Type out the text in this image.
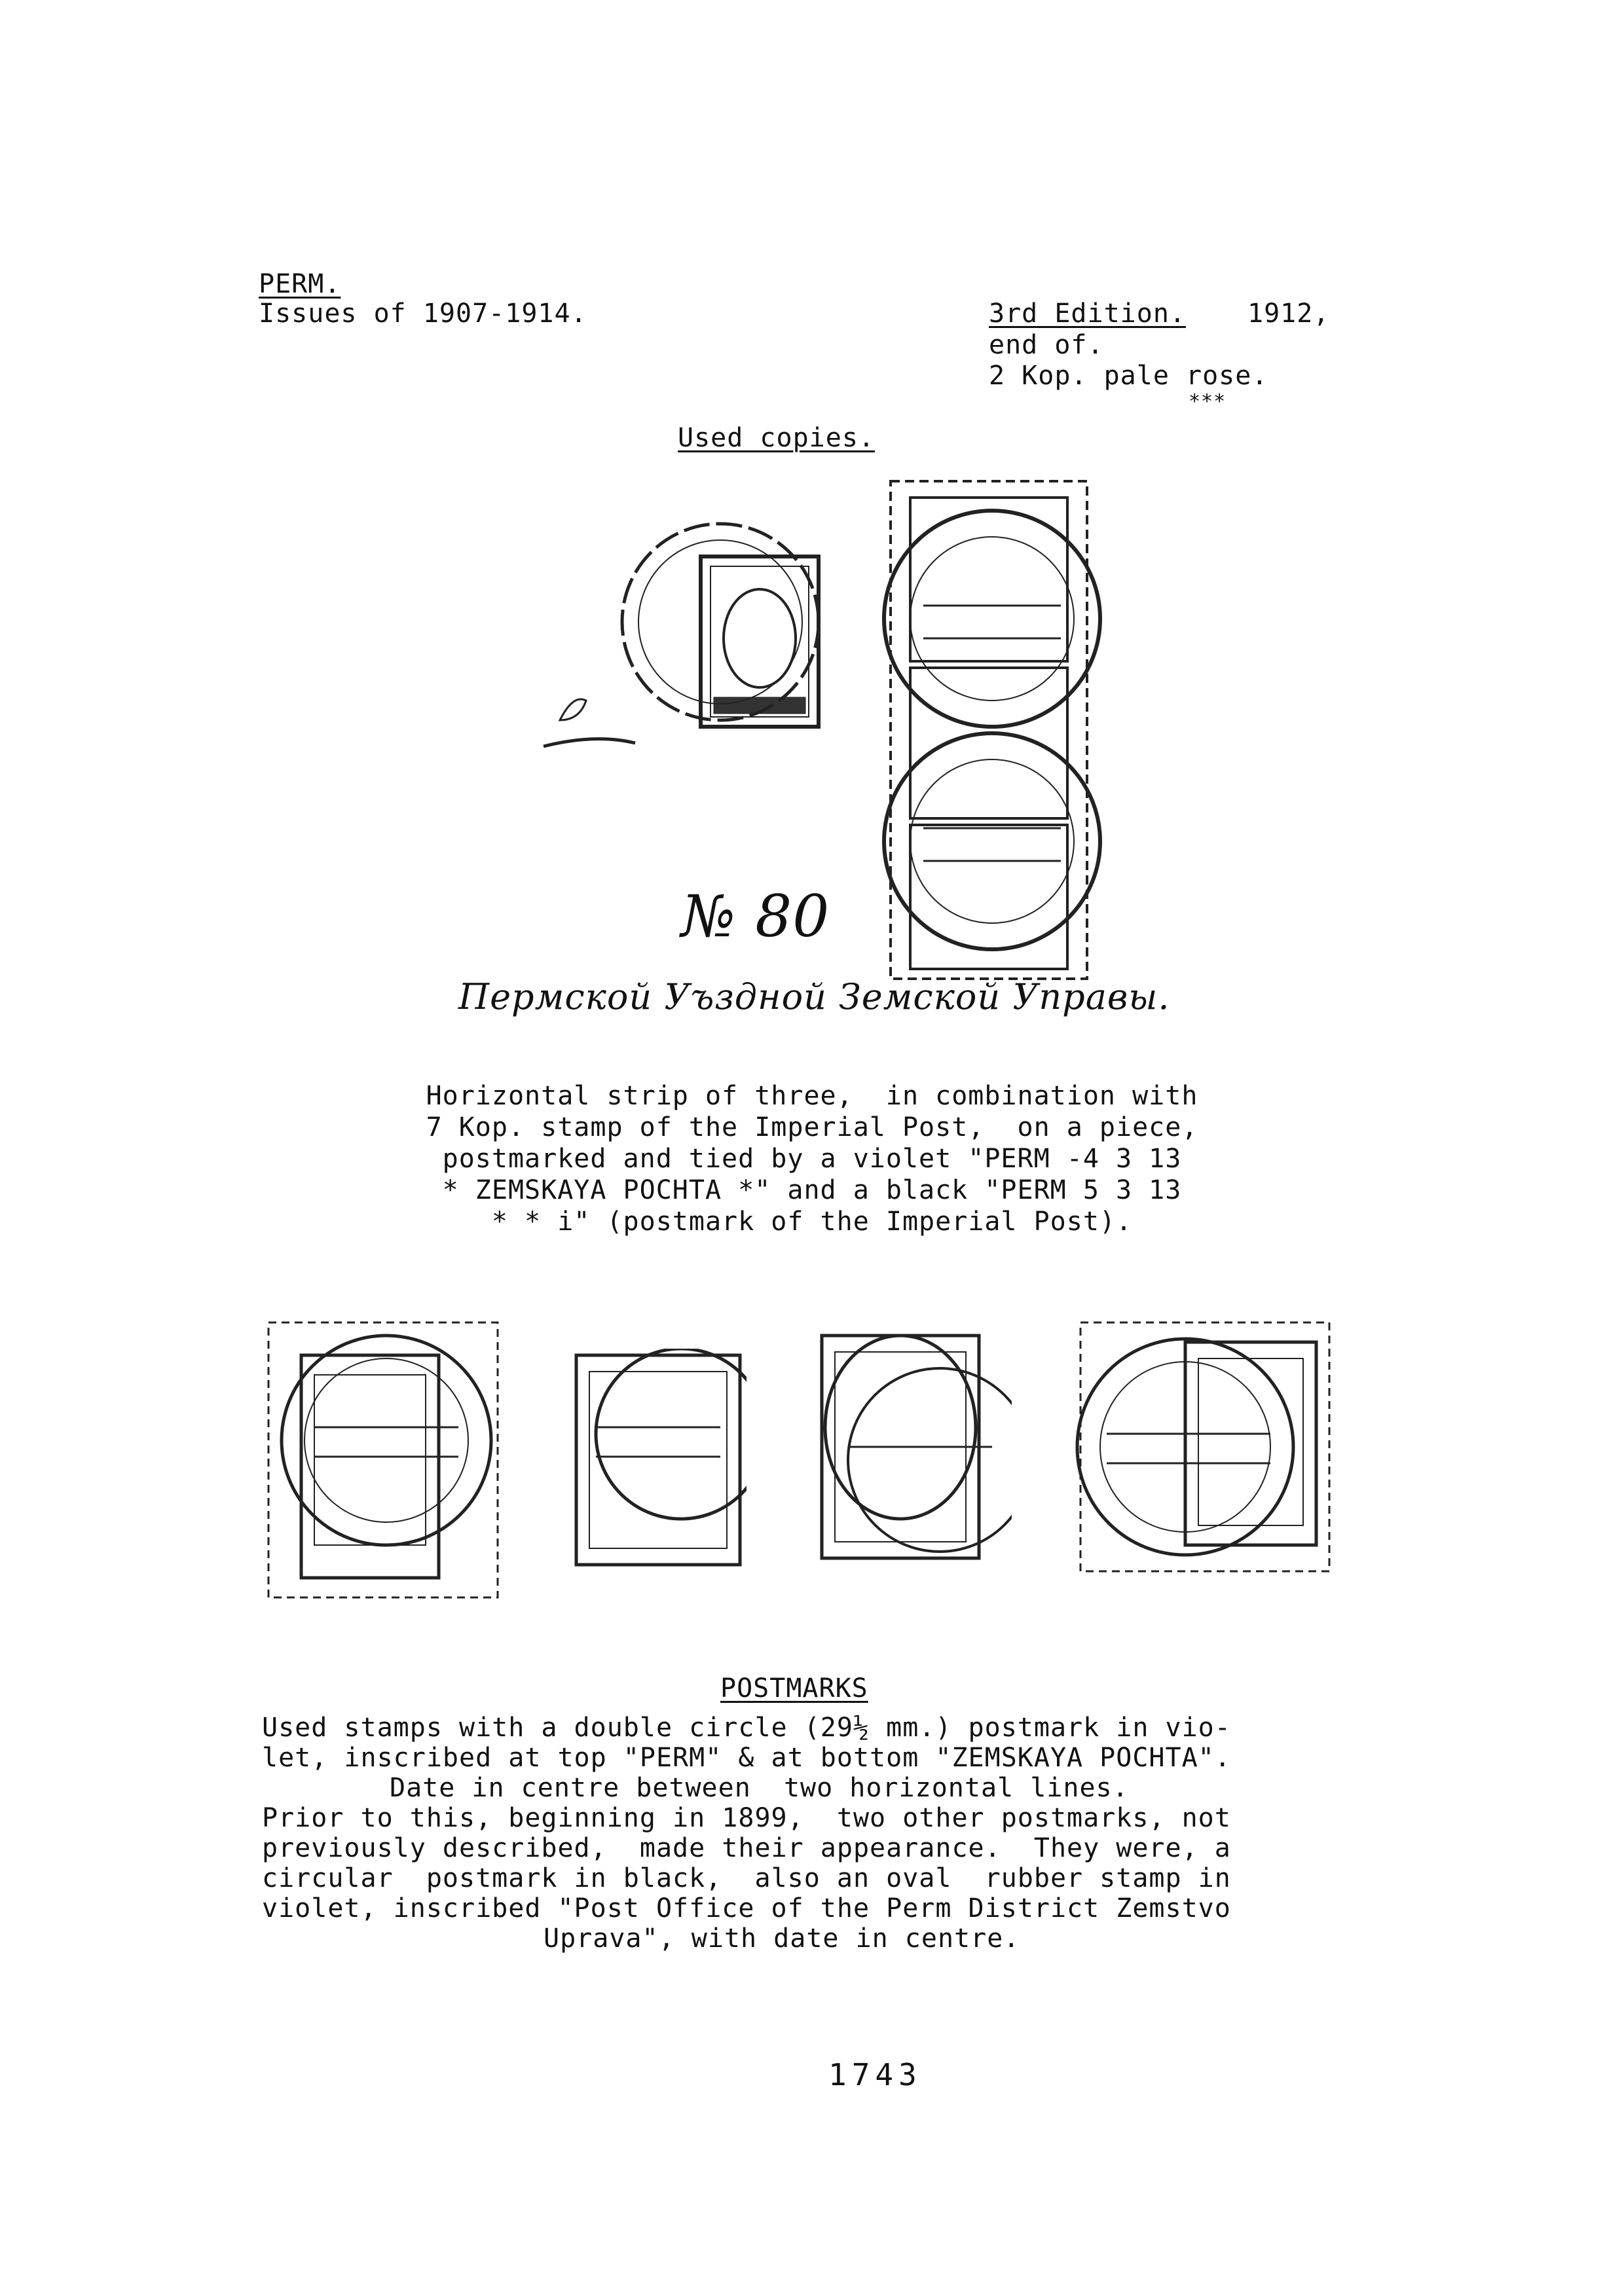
PERM.
Issues of 1907-1914.	3rd Edition. 1912,
end of.
2 Kop. pale rose.
***
Used copies.
№ 80
Пермской Уъздной Земской Управы.
Horizontal strip of three,  in combination with
7 Kop. stamp of the Imperial Post,  on a piece,
postmarked and tied by a violet "PERM -4 3 13
* ZEMSKAYA POCHTA *" and a black "PERM 5 3 13
* * i" (postmark of the Imperial Post).
POSTMARKS
Used stamps with a double circle (29½ mm.) postmark in vio-
let, inscribed at top "PERM" & at bottom "ZEMSKAYA POCHTA".
Date in centre between  two horizontal lines.
Prior to this, beginning in 1899,  two other postmarks, not
previously described,  made their appearance.  They were, a
circular  postmark in black,  also an oval  rubber stamp in
violet, inscribed "Post Office of the Perm District Zemstvo
Uprava", with date in centre.
1743
